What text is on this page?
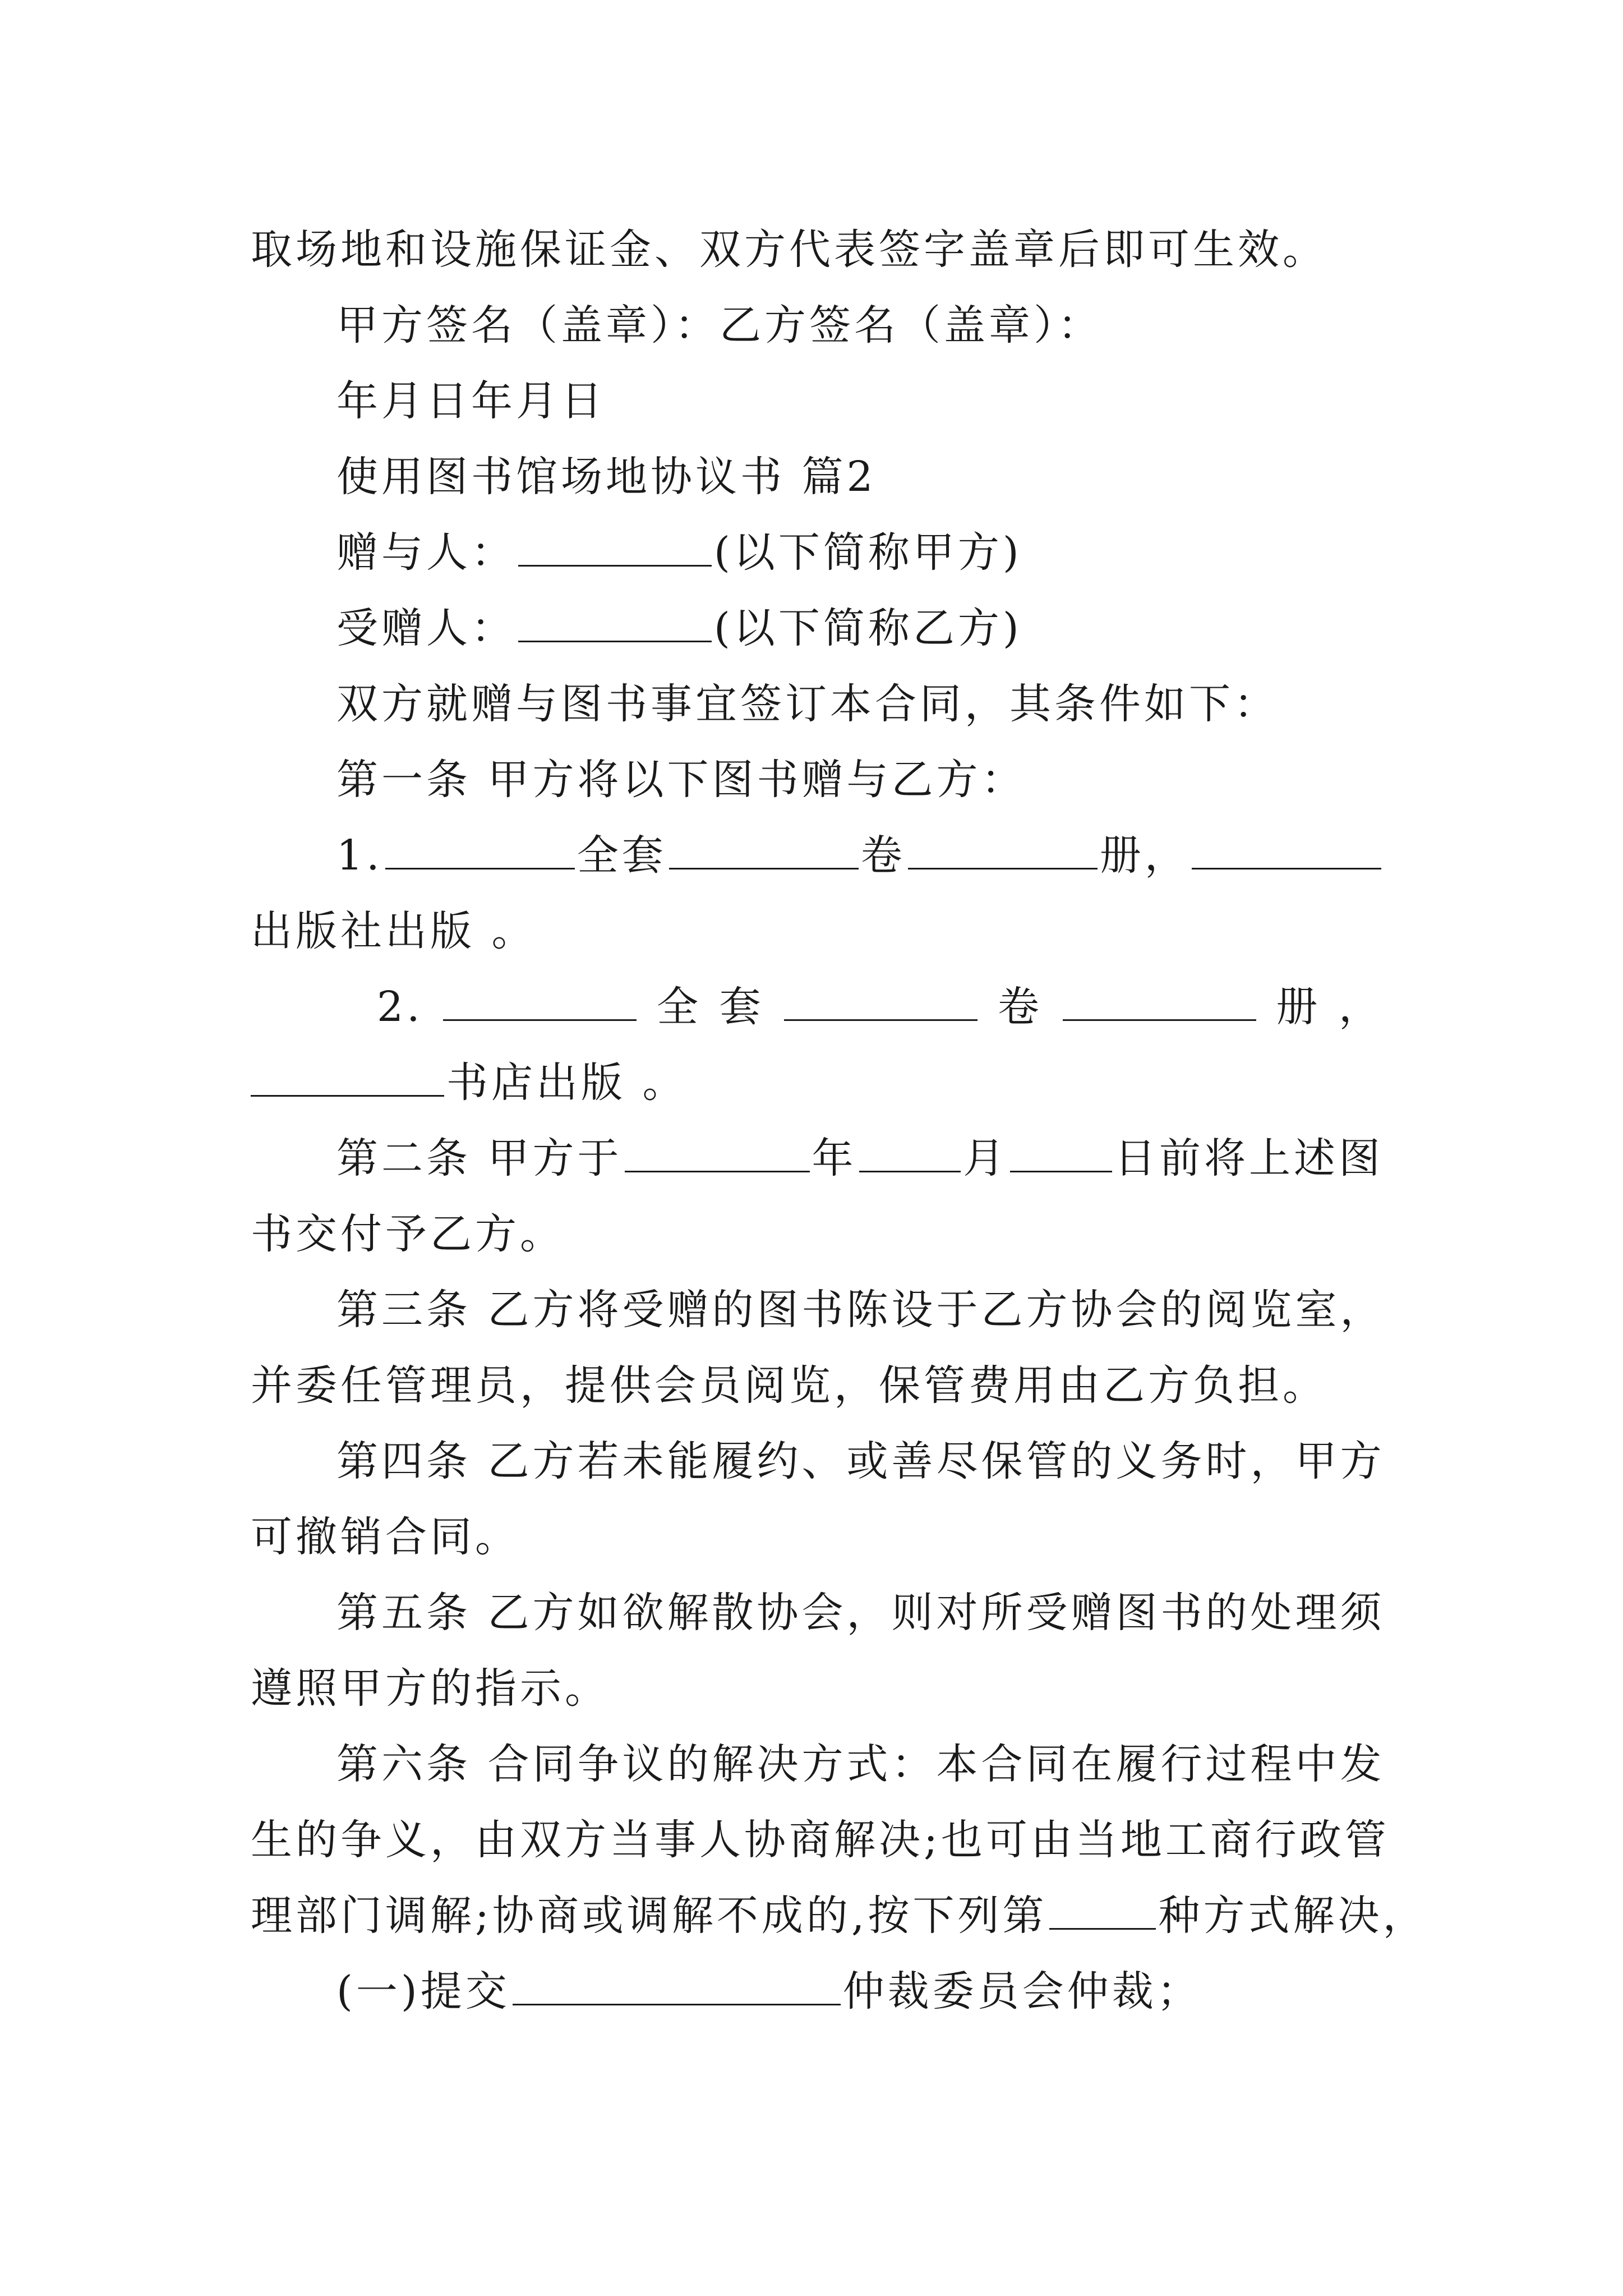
取场地和设施保证金、双方代表签字盖章后即可生效。
甲方签名（盖章）：乙方签名（盖章）：
年月日年月日
使用图书馆场地协议书 篇2
赠与人：	(以下简称甲方)
受赠人：	(以下简称乙方)
双方就赠与图书事宜签订本合同，其条件如下：
第一条 甲方将以下图书赠与乙方：
1.	全套	卷	册，
出版社出版 。
2.	全 套	卷	册 ，
书店出版 。
第二条 甲方于	年	月	日前将上述图
书交付予乙方。
第三条 乙方将受赠的图书陈设于乙方协会的阅览室，
并委任管理员，提供会员阅览，保管费用由乙方负担。
第四条 乙方若未能履约、或善尽保管的义务时，甲方
可撤销合同。
第五条 乙方如欲解散协会，则对所受赠图书的处理须
遵照甲方的指示。
第六条 合同争议的解决方式：本合同在履行过程中发
生的争义，由双方当事人协商解决;也可由当地工商行政管
理部门调解;协商或调解不成的,按下列第	种方式解决，
(一)提交	仲裁委员会仲裁；
